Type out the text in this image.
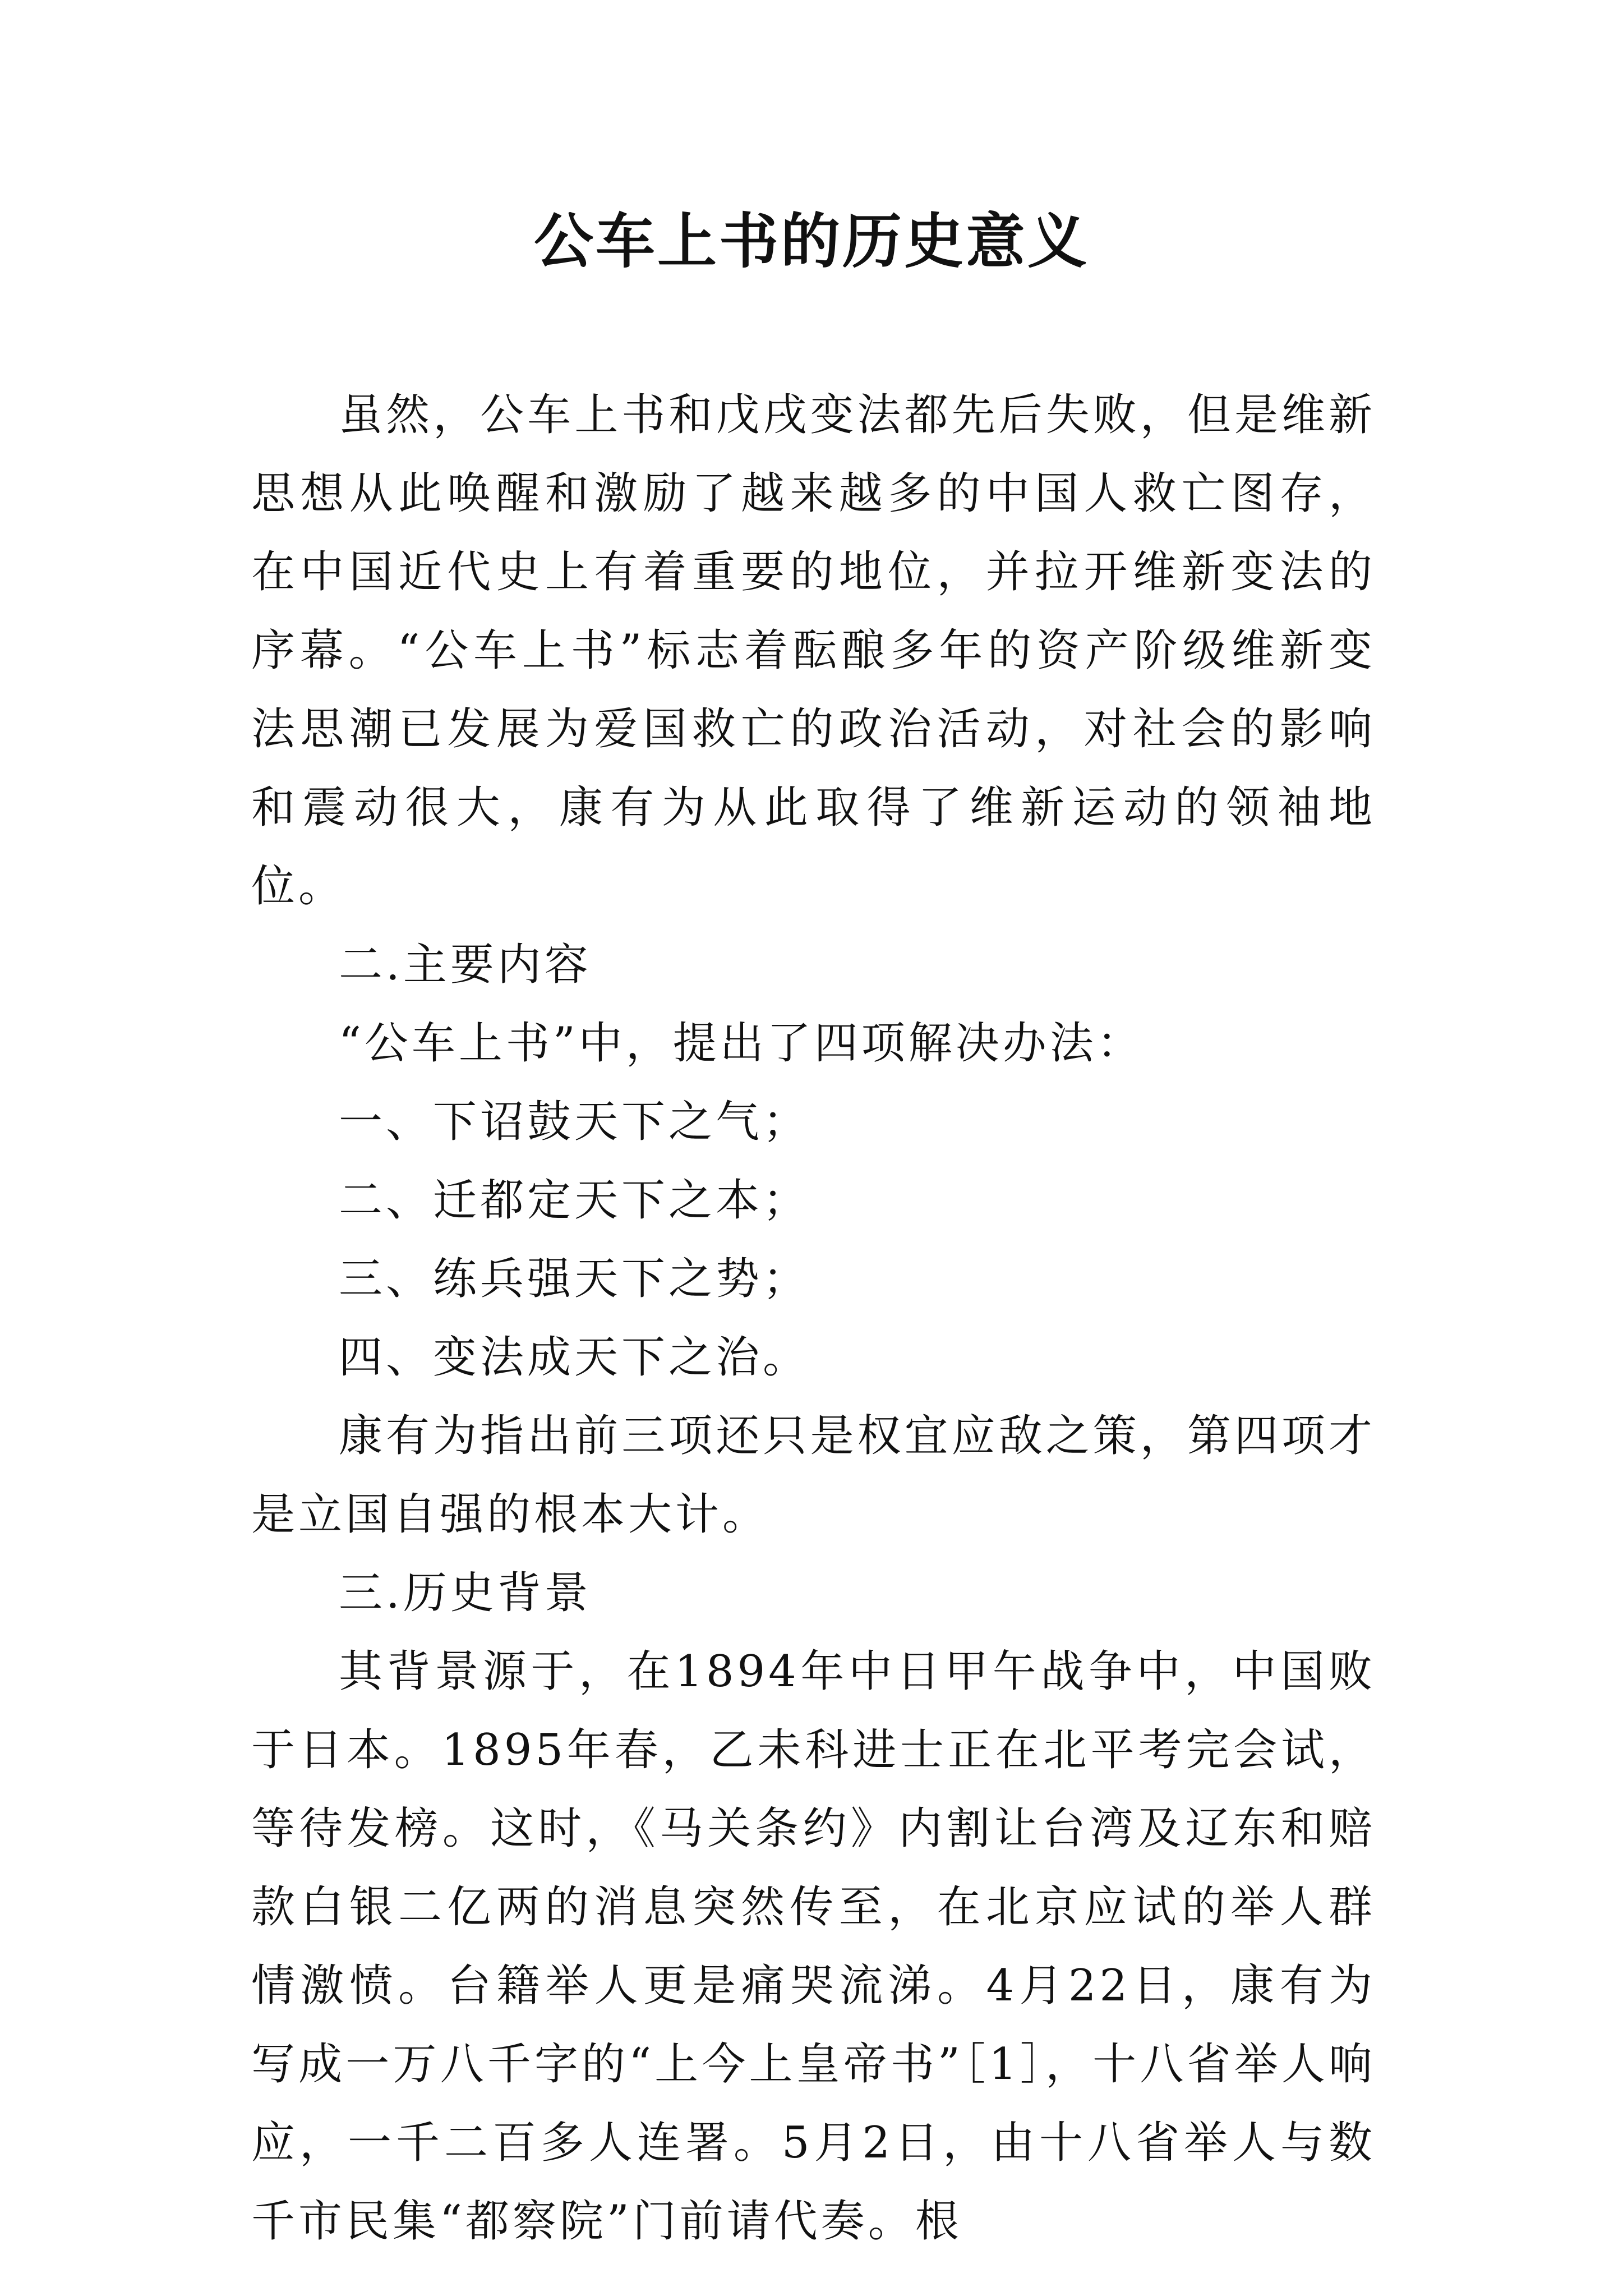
公车上书的历史意义

虽然，公车上书和戊戌变法都先后失败，但是维新思想从此唤醒和激励了越来越多的中国人救亡图存，在中国近代史上有着重要的地位，并拉开维新变法的序幕。“公车上书”标志着酝酿多年的资产阶级维新变法思潮已发展为爱国救亡的政治活动，对社会的影响和震动很大，康有为从此取得了维新运动的领袖地位。

二.主要内容

“公车上书”中，提出了四项解决办法：

一、下诏鼓天下之气；

二、迁都定天下之本；

三、练兵强天下之势；

四、变法成天下之治。

康有为指出前三项还只是权宜应敌之策，第四项才是立国自强的根本大计。

三.历史背景

其背景源于，在1894年中日甲午战争中，中国败于日本。1895年春，乙未科进士正在北平考完会试，等待发榜。这时，《马关条约》内割让台湾及辽东和赔款白银二亿两的消息突然传至，在北京应试的举人群情激愤。台籍举人更是痛哭流涕。4月22日，康有为写成一万八千字的“上今上皇帝书”［1］，十八省举人响应，一千二百多人连署。5月2日，由十八省举人与数千市民集“都察院”门前请代奏。根
